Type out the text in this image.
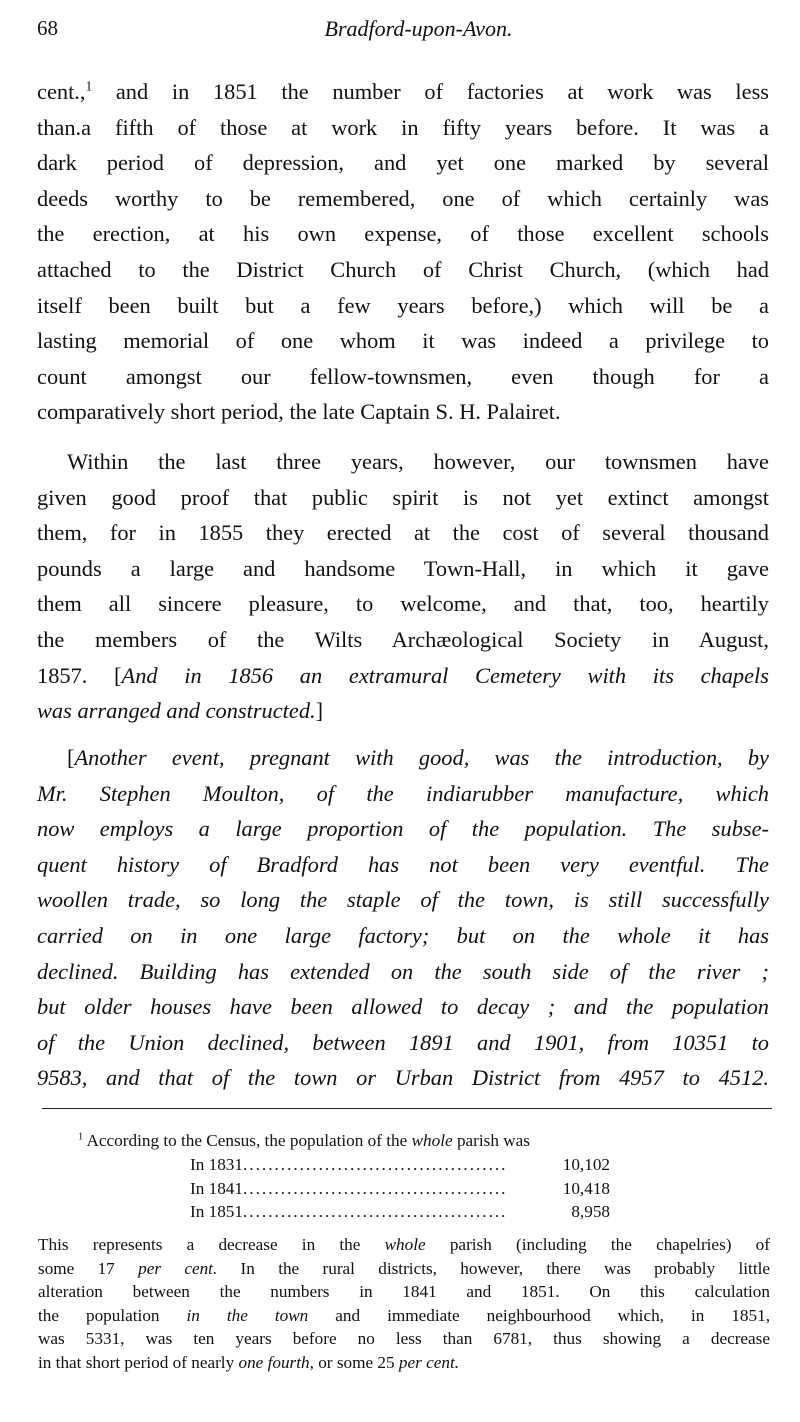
68	Bradford-upon-Avon.
cent.,$^1$ and in 1851 the number of factories at work was less
than.a fifth of those at work in fifty years before. It was a
dark period of depression, and yet one marked by several
deeds worthy to be remembered, one of which certainly was
the erection, at his own expense, of those excellent schools
attached to the District Church of Christ Church, (which had
itself been built but a few years before,) which will be a
lasting memorial of one whom it was indeed a privilege to
count amongst our fellow-townsmen, even though for a
comparatively short period, the late Captain S. H. Palairet.
Within the last three years, however, our townsmen have
given good proof that public spirit is not yet extinct amongst
them, for in 1855 they erected at the cost of several thousand
pounds a large and handsome Town-Hall, in which it gave
them all sincere pleasure, to welcome, and that, too, heartily
the members of the Wilts Archæological Society in August,
1857. [And in 1856 an extramural Cemetery with its chapels
was arranged and constructed.]
[Another event, pregnant with good, was the introduction, by
Mr. Stephen Moulton, of the indiarubber manufacture, which
now employs a large proportion of the population. The subse-
quent history of Bradford has not been very eventful. The
woollen trade, so long the staple of the town, is still successfully
carried on in one large factory; but on the whole it has
declined. Building has extended on the south side of the river ;
but older houses have been allowed to decay ; and the population
of the Union declined, between 1891 and 1901, from 10351 to
9583, and that of the town or Urban District from 4957 to 4512.
$^1$ According to the Census, the population of the whole parish was
In 1831 ..........................................	10,102
In 1841 ..........................................	10,418
In 1851 ..........................................	8,958
This represents a decrease in the whole parish (including the chapelries) of
some 17 per cent. In the rural districts, however, there was probably little
alteration between the numbers in 1841 and 1851. On this calculation
the population in the town and immediate neighbourhood which, in 1851,
was 5331, was ten years before no less than 6781, thus showing a decrease
in that short period of nearly one fourth, or some 25 per cent.
